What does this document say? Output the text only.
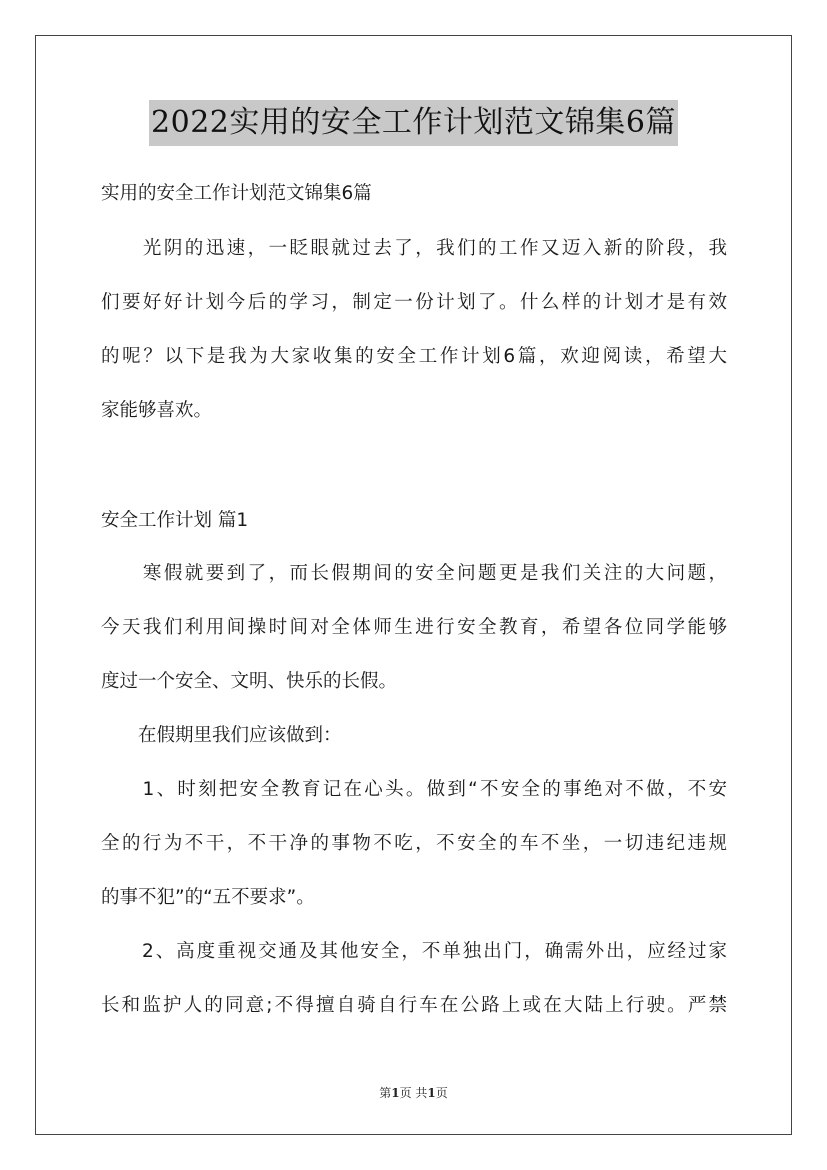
2022实用的安全工作计划范文锦集6篇

实用的安全工作计划范文锦集6篇

　　光阴的迅速，一眨眼就过去了，我们的工作又迈入新的阶段，我

们要好好计划今后的学习，制定一份计划了。什么样的计划才是有效

的呢？以下是我为大家收集的安全工作计划6篇，欢迎阅读，希望大

家能够喜欢。

安全工作计划 篇1

　　寒假就要到了，而长假期间的安全问题更是我们关注的大问题，

今天我们利用间操时间对全体师生进行安全教育，希望各位同学能够

度过一个安全、文明、快乐的长假。

　　在假期里我们应该做到：

　　1、时刻把安全教育记在心头。做到“不安全的事绝对不做，不安

全的行为不干，不干净的事物不吃，不安全的车不坐，一切违纪违规

的事不犯”的“五不要求”。

　　2、高度重视交通及其他安全，不单独出门，确需外出，应经过家

长和监护人的同意;不得擅自骑自行车在公路上或在大陆上行驶。严禁

第1页 共1页
